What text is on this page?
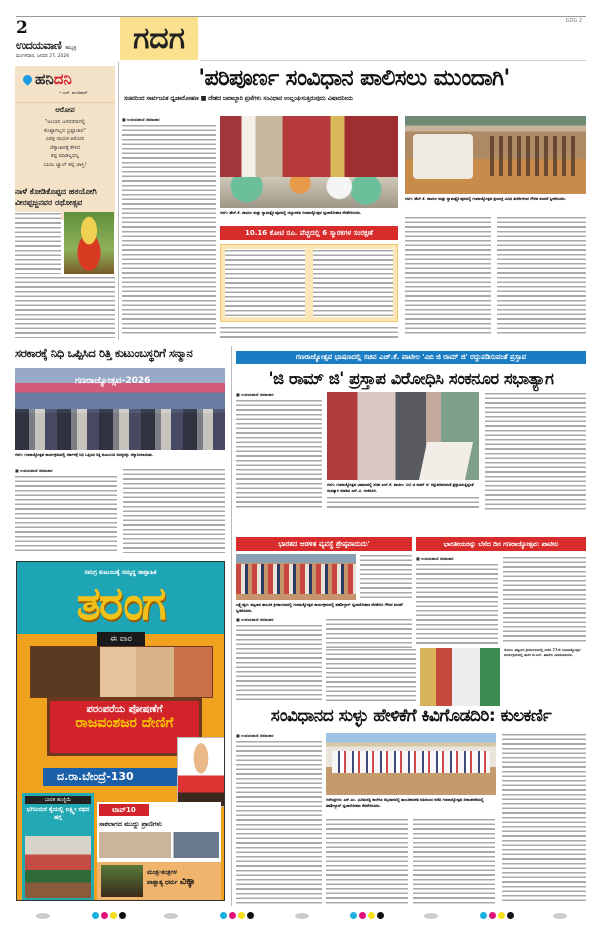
GDG 2
2
ಉದಯವಾಣಿ ಹುಬ್ಬಳ್ಳಿ
ಮಂಗಳವಾರ, ಜನವರಿ 27, 2026
ಗದಗ
ಹನಿದನಿ
• ಎಚ್. ಡುಂಡಿರಾಜ್
ಆರೋಪ
"ಅಂಬಾನಿ ಜನಪರನಾಗಲ್ಲಿ
ಕೊಟ್ಟಾಗಿಲ್ಲದ ಭ್ರಷ್ಟಾಚಾರ"
ವಿಪಕ್ಷ ನಾಯಕ ಆರೋಪ
ಲೆಕ್ಕಾಚಾರಕ್ಕೆ ಕೇಳಿದ
ತಪ್ಪ ಮಾಡಿಲ್ಲವಲ್ಲ
ಬಾಯಿ ಜ್ವಾಲ್ ತಪ್ಪ ಜಾಸ್ತಿ!
ನಾಳೆ ಕೋಡಿಕೊಪ್ಪದ ಹಠಯೋಗಿ ವೀರಪ್ಪಜ್ಜನವರ ರಥೋತ್ಸವ
'ಪರಿಪೂರ್ಣ ಸಂವಿಧಾನ ಪಾಲಿಸಲು ಮುಂದಾಗಿ'
ಸಚಿವರಿಂದ ಸಾರ್ವಜನಿಕ ಧ್ವಜಾರೋಹಣ ■ ದೇಶದ ಜವಾಬ್ದಾರಿ ಪ್ರಜೆಗಳು ಸಂವಿಧಾನ ಉಲ್ಲಂಘಿಸುತ್ತಿರುವುದು ವಿಷಾದನೀಯ
■ ಉದಯವಾಣಿ ಸಮಾಚಾರ
ಗದಗ: ಹೆಚ್.ಕೆ. ಪಾಟೀಲ ಮತ್ತು ಸ್ವಾತಂತ್ರ್ಯೋತ್ಸವದಲ್ಲಿ ಜಿಲ್ಲಾಡಳಿತ ಗಣರಾಜ್ಯೋತ್ಸವ ಧ್ವಜಾರೋಹಣ ನೆರವೇರಿಸಿದರು.
10.16 ಕೋಟಿ ರೂ. ವೆಚ್ಚದಲ್ಲಿ 6 ಸ್ಮಾರಕಗಳ ಸಂರಕ್ಷಣೆ
ಗದಗ: ಹೆಚ್.ಕೆ. ಪಾಟೀಲ ಮತ್ತು ಸ್ವಾತಂತ್ರ್ಯೋತ್ಸವದಲ್ಲಿ ಗಣರಾಜ್ಯೋತ್ಸವ ಪ್ರಯುಕ್ತ ವಿವಿಧ ತುಕಡಿಗಳಿಂದ ಗೌರವ ವಂದನೆ ಸ್ವೀಕರಿಸಿದರು.
ಸರಕಾರಕ್ಕೆ ನಿಧಿ ಒಪ್ಪಿಸಿದ ರಿತ್ತಿ ಕುಟುಂಬಸ್ಥರಿಗೆ ಸನ್ಮಾನ
ಗಣರಾಜ್ಯೋತ್ಸವ-2026
ಗದಗ: ಗಣರಾಜ್ಯೋತ್ಸವ ಕಾರ್ಯಕ್ರಮದಲ್ಲಿ ಸರ್ಕಾರಕ್ಕೆ ನಿಧಿ ಒಪ್ಪಿಸಿದ ರಿತ್ತಿ ಕುಟುಂಬದ ಸದಸ್ಯರನ್ನು ಸನ್ಮಾನಿಸಲಾಯಿತು.
■ ಉದಯವಾಣಿ ಸಮಾಚಾರ
ಗಣರಾಜ್ಯೋತ್ಸವ ಭಾಷಣದಲ್ಲಿ ಸಚಿವ ಎಚ್.ಕೆ. ಪಾಟೀಲ 'ವಿಬಿ ಜಿ ರಾಮ್ ಜಿ' ರದ್ದುಪಡಿಸುವಂತೆ ಪ್ರಸ್ತಾಪ
'ಜಿ ರಾಮ್ ಜಿ' ಪ್ರಸ್ತಾಪ ವಿರೋಧಿಸಿ ಸಂಕನೂರ ಸಭಾತ್ಯಾಗ
■ ಉದಯವಾಣಿ ಸಮಾಚಾರ
ಗದಗ: ಗಣರಾಜ್ಯೋತ್ಸವ ಭಾಷಣದಲ್ಲಿ ಸಚಿವ ಎಚ್.ಕೆ. ಪಾಟೀಲ 'ವಿಬಿ ಜಿ ರಾಮ್ ಜಿ' ರದ್ದುಪಡಿಸುವಂತೆ ಪ್ರಸ್ತಾಪಿಸುತ್ತಿದ್ದಂತೆ ಸಭಾತ್ಯಾಗ ಮಾಡಿದ ಎಸ್.ವಿ. ಸಂಕನೂರ.
ಭಾರತದ ಆಡಳಿತ ವ್ಯವಸ್ಥೆ ಶ್ರೇಷ್ಠವಾದುದು'
ಲಕ್ಷ್ಮೇಶ್ವರ: ಪಟ್ಟಣದ ತಾಲೂಕ ಕ್ರೀಡಾಂಗಣದಲ್ಲಿ ಗಣರಾಜ್ಯೋತ್ಸವ ಕಾರ್ಯಕ್ರಮದಲ್ಲಿ ತಹಶೀಲ್ದಾರ್ ಧ್ವಜಾರೋಹಣ ನೆರವೇರಿಸಿ ಗೌರವ ವಂದನೆ ಸ್ವೀಕರಿಸಿದರು.
■ ಉದಯವಾಣಿ ಸಮಾಚಾರ
ಭಾರತೀಯರನ್ನು ಬೆಸೆದ ದಿನ ಗಣರಾಜ್ಯೋತ್ಸವ: ಪಾಟೀಲ
■ ಉದಯವಾಣಿ ಸಮಾಚಾರ
ರೋಣ: ಪಟ್ಟಣದ ಕ್ರೀಡಾಂಗಣದಲ್ಲಿ ನಡೆದ 77ನೇ ಗಣರಾಜ್ಯೋತ್ಸವ ಕಾರ್ಯಕ್ರಮದಲ್ಲಿ ಶಾಸಕ ಜಿ.ಎಸ್. ಪಾಟೀಲ ಮಾತನಾಡಿದರು.
ಸಂವಿಧಾನದ ಸುಳ್ಳು ಹೇಳಿಕೆಗೆ ಕಿವಿಗೊಡದಿರಿ: ಕುಲಕರ್ಣಿ
■ ಉದಯವಾಣಿ ಸಮಾಚಾರ
ಗಜೇಂದ್ರಗಡ: ಎಸ್.ಎಂ. ಭೂಮರಡ್ಡಿ ಕಾಲೇಜು ಮೈದಾನದಲ್ಲಿ ತಾಲೂಕಾಡಳಿತ ವತಿಯಿಂದ ನಡೆದ ಗಣರಾಜ್ಯೋತ್ಸವ ದಿನಾಚರಣೆಯಲ್ಲಿ ತಹಶೀಲ್ದಾರ್ ಧ್ವಜಾರೋಹಣ ನೆರವೇರಿಸಿದರು.
ಸಮಗ್ರ ಕುಟುಂಬಕ್ಕೆ ಸಮೃದ್ಧ ಸಾಪ್ತಾಹಿಕ
ತರಂಗ
ಈ ವಾರ
ಪರಂಪರೆಯ ಪೋಷಣೆಗೆ
ರಾಜವಂಶಜರ ದೇಣಿಗೆ
ದ.ರಾ.ಬೇಂದ್ರೆ-130
ಭಾರತ ಹುಣ್ಣಿಮೆ
ಭಗಿನಿಯರ ಕೈಯಲ್ಲಿ ಲಕ್ಷ್ಮೀ ರಥದ ಹಗ್ಗ
ಟಾಪ್10
ಸಾಕಲಾಗದ ಮುದ್ದು ಪ್ರಾಣಿಗಳು
ಮಂತ್ರ-ತಂತ್ರಗಳ
ಪಾಶ್ಚಾತ್ಯ ಧರ್ಮ ವಿಕ್ಕಾ
